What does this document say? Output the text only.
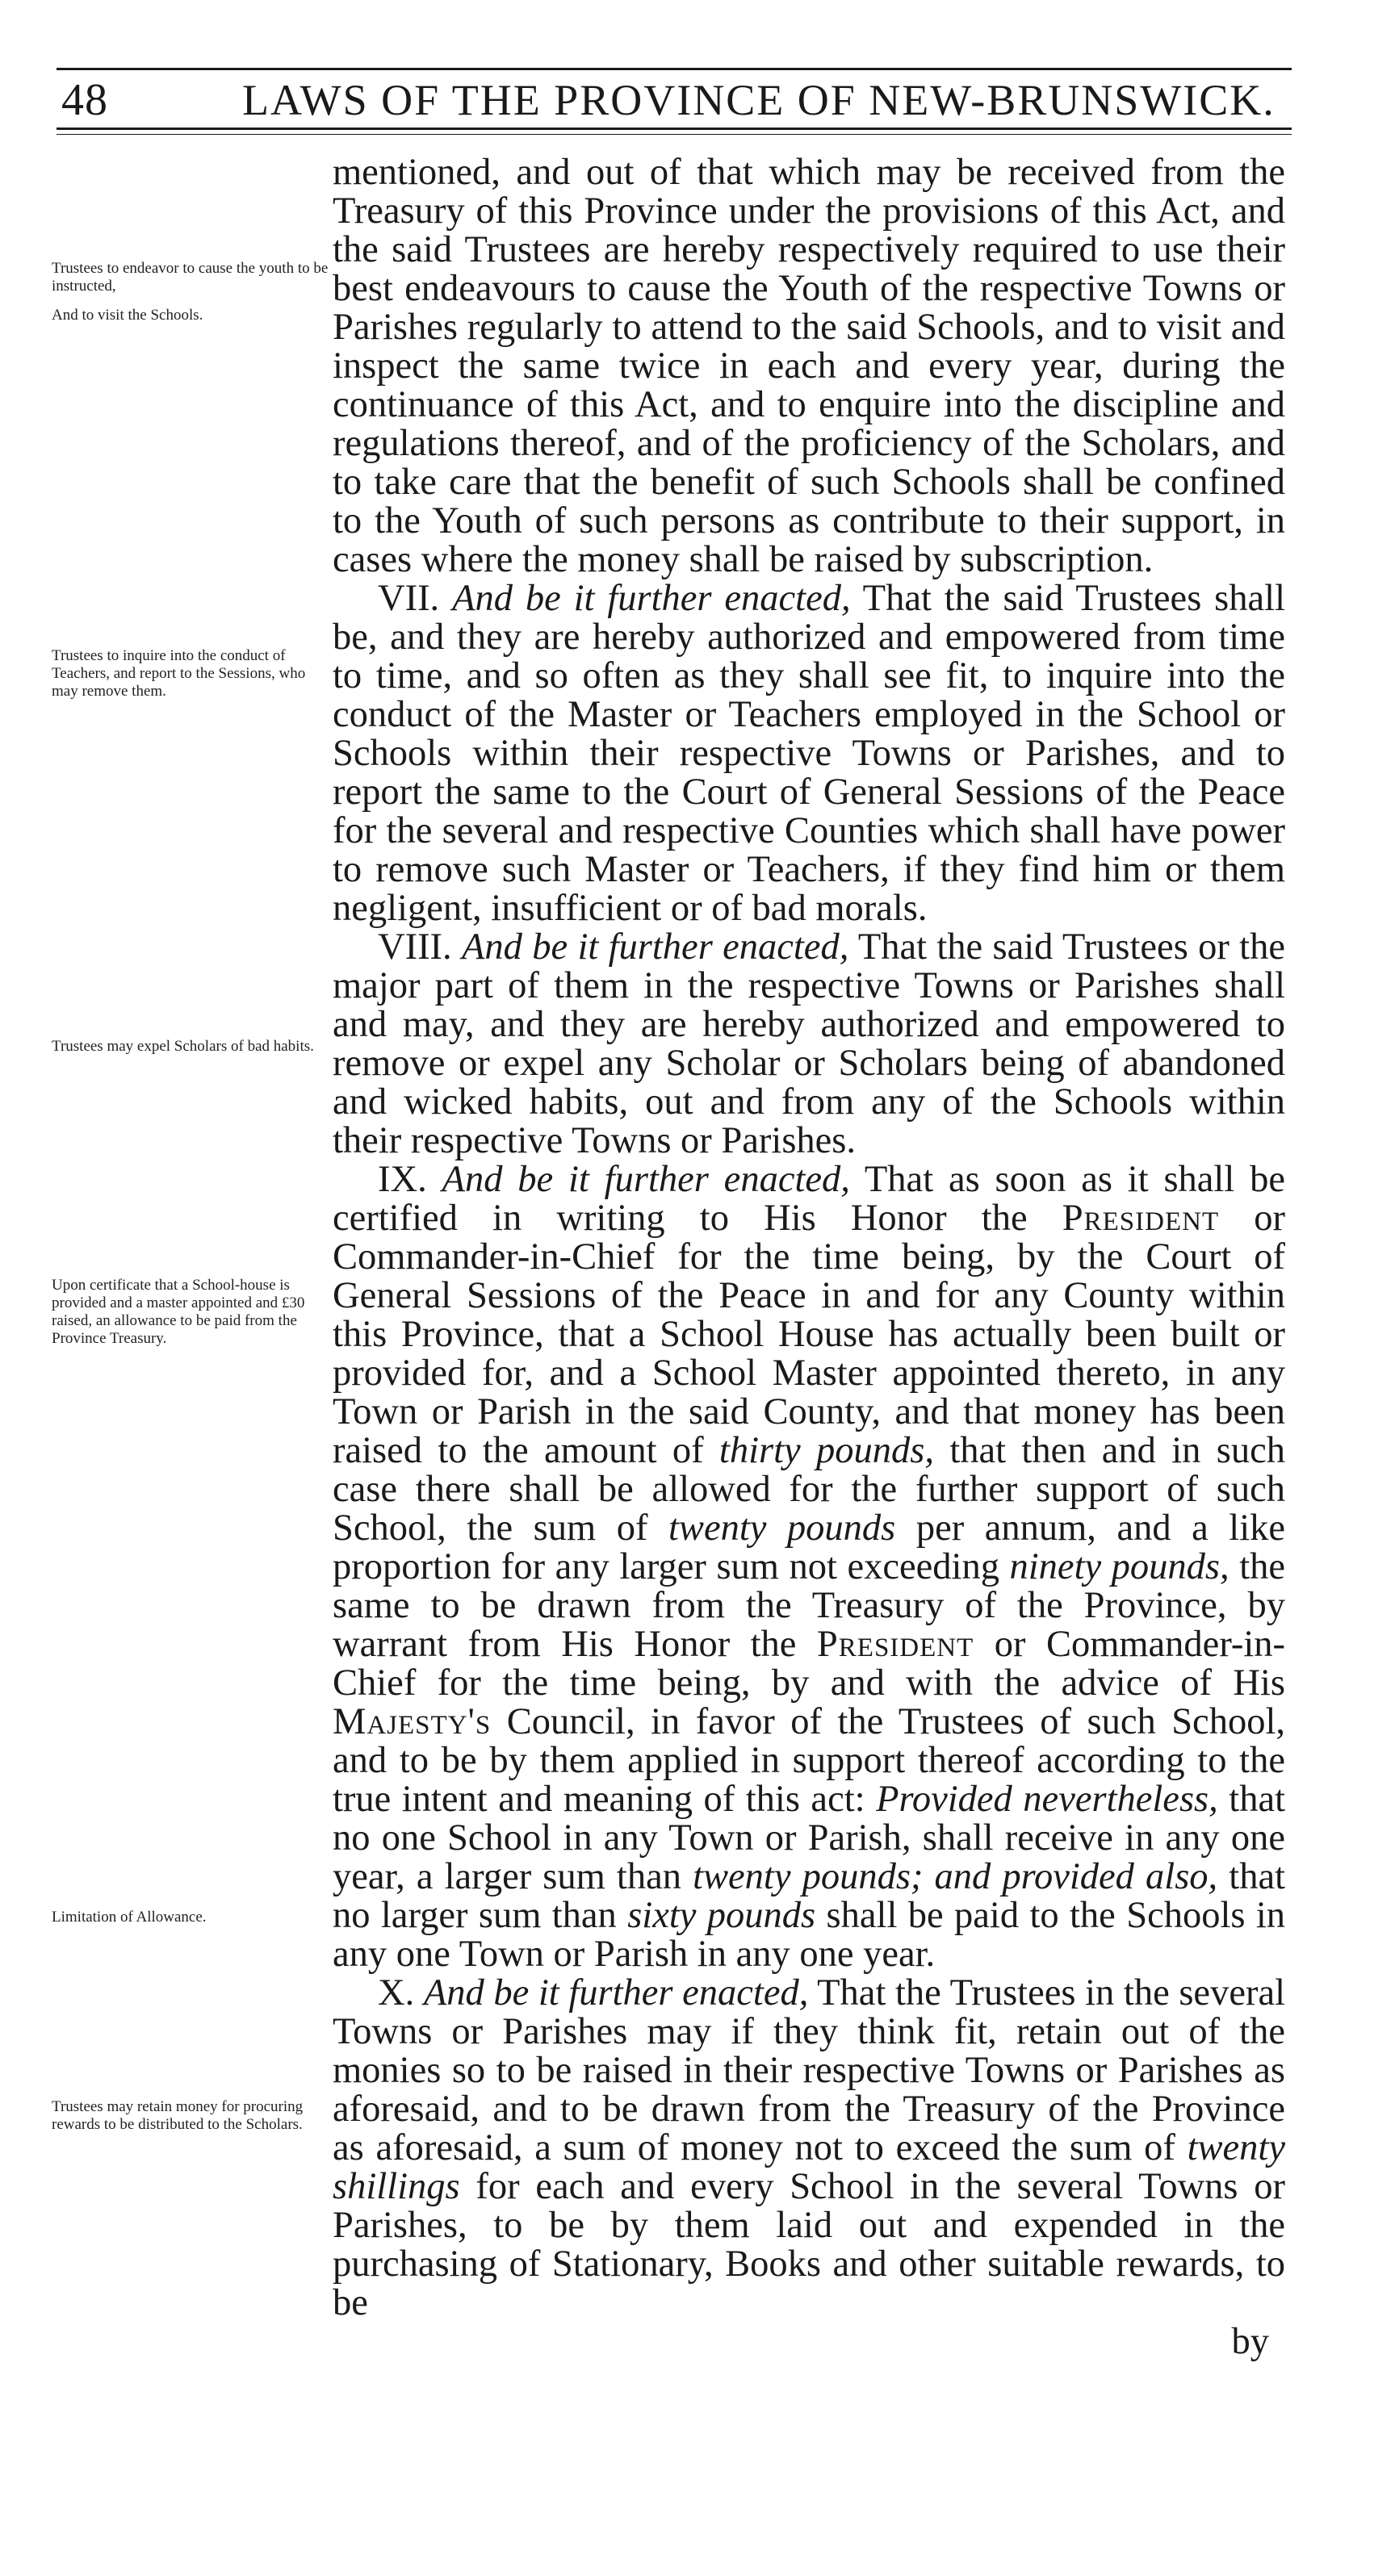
48	LAWS OF THE PROVINCE OF NEW-BRUNSWICK.
Trustees to endeavor to cause the youth to be instructed,
And to visit the Schools.
Trustees to inquire into the conduct of Teachers, and report to the Sessions, who may remove them.
Trustees may expel Scholars of bad habits.
Upon certificate that a School-house is provided and a master appointed and £30 raised, an allowance to be paid from the Province Treasury.
Limitation of Allowance.
Trustees may retain money for procuring rewards to be distributed to the Scholars.

mentioned, and out of that which may be received from the Treasury of this Province under the provisions of this Act, and the said Trustees are hereby respectively required to use their best endeavours to cause the Youth of the respective Towns or Parishes regularly to attend to the said Schools, and to visit and inspect the same twice in each and every year, during the continuance of this Act, and to enquire into the discipline and regulations thereof, and of the proficiency of the Scholars, and to take care that the benefit of such Schools shall be confined to the Youth of such persons as contribute to their support, in cases where the money shall be raised by subscription.

VII. And be it further enacted, That the said Trustees shall be, and they are hereby authorized and empowered from time to time, and so often as they shall see fit, to inquire into the conduct of the Master or Teachers employed in the School or Schools within their respective Towns or Parishes, and to report the same to the Court of General Sessions of the Peace for the several and respective Counties which shall have power to remove such Master or Teachers, if they find him or them negligent, insufficient or of bad morals.

VIII. And be it further enacted, That the said Trustees or the major part of them in the respective Towns or Parishes shall and may, and they are hereby authorized and empowered to remove or expel any Scholar or Scholars being of abandoned and wicked habits, out and from any of the Schools within their respective Towns or Parishes.

IX. And be it further enacted, That as soon as it shall be certified in writing to His Honor the President or Commander-in-Chief for the time being, by the Court of General Sessions of the Peace in and for any County within this Province, that a School House has actually been built or provided for, and a School Master appointed thereto, in any Town or Parish in the said County, and that money has been raised to the amount of thirty pounds, that then and in such case there shall be allowed for the further support of such School, the sum of twenty pounds per annum, and a like proportion for any larger sum not exceeding ninety pounds, the same to be drawn from the Treasury of the Province, by warrant from His Honor the President or Commander-in-Chief for the time being, by and with the advice of His Majesty's Council, in favor of the Trustees of such School, and to be by them applied in support thereof according to the true intent and meaning of this act: Provided nevertheless, that no one School in any Town or Parish, shall receive in any one year, a larger sum than twenty pounds; and provided also, that no larger sum than sixty pounds shall be paid to the Schools in any one Town or Parish in any one year.

X. And be it further enacted, That the Trustees in the several Towns or Parishes may if they think fit, retain out of the monies so to be raised in their respective Towns or Parishes as aforesaid, and to be drawn from the Treasury of the Province as aforesaid, a sum of money not to exceed the sum of twenty shillings for each and every School in the several Towns or Parishes, to be by them laid out and expended in the purchasing of Stationary, Books and other suitable rewards, to be

by
